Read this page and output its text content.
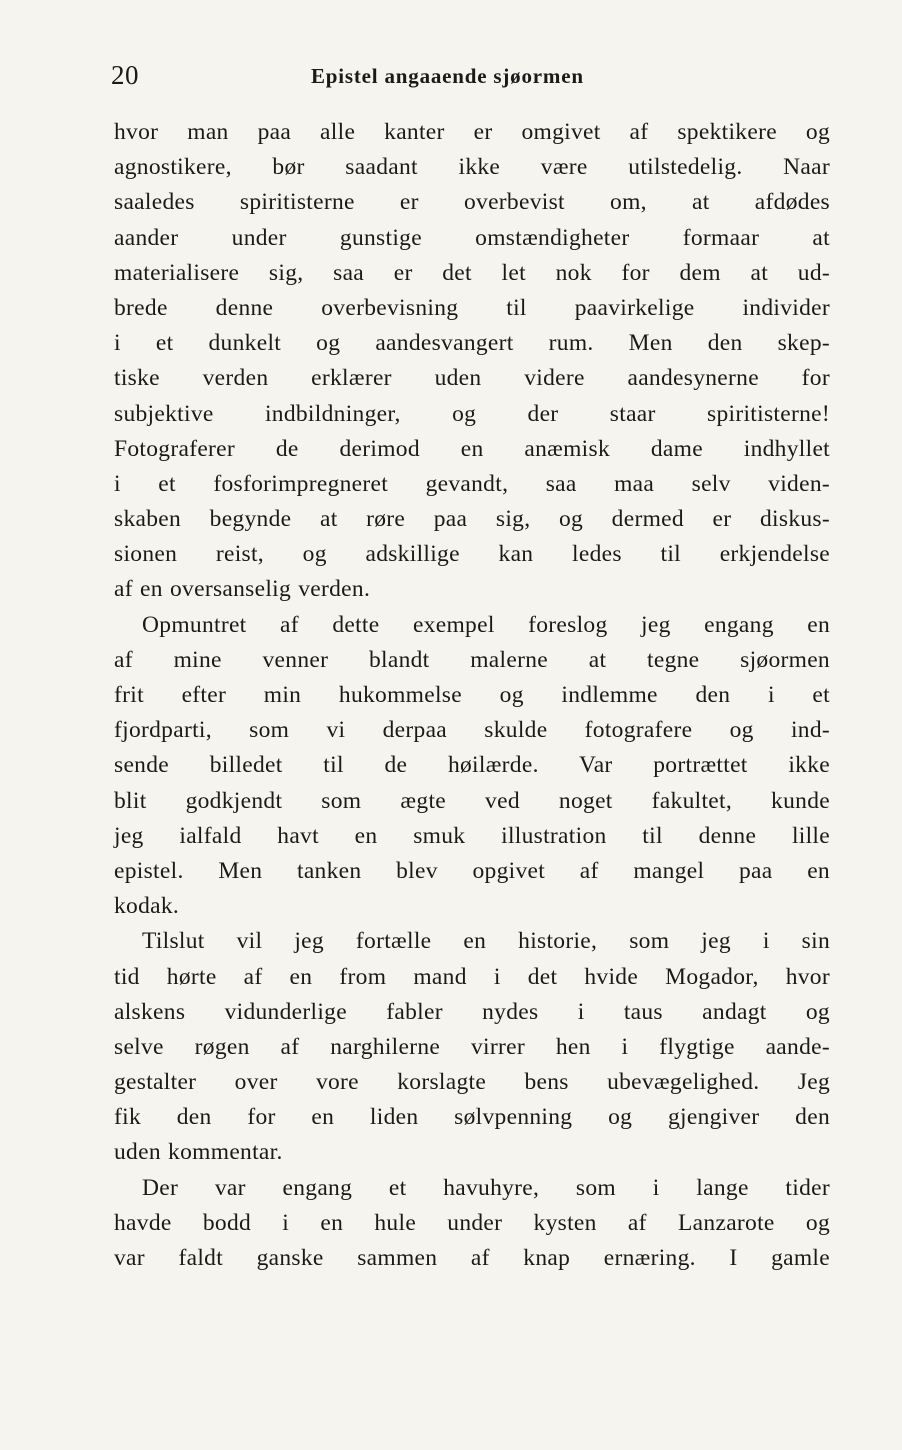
20	Epistel angaaende sjøormen
hvor man paa alle kanter er omgivet af spektikere og
agnostikere, bør saadant ikke være utilstedelig. Naar
saaledes spiritisterne er overbevist om, at afdødes
aander under gunstige omstændigheter formaar at
materialisere sig, saa er det let nok for dem at ud-
brede denne overbevisning til paavirkelige individer
i et dunkelt og aandesvangert rum. Men den skep-
tiske verden erklærer uden videre aandesynerne for
subjektive indbildninger, og der staar spiritisterne!
Fotograferer de derimod en anæmisk dame indhyllet
i et fosforimpregneret gevandt, saa maa selv viden-
skaben begynde at røre paa sig, og dermed er diskus-
sionen reist, og adskillige kan ledes til erkjendelse
af en oversanselig verden.
Opmuntret af dette exempel foreslog jeg engang en
af mine venner blandt malerne at tegne sjøormen
frit efter min hukommelse og indlemme den i et
fjordparti, som vi derpaa skulde fotografere og ind-
sende billedet til de høilærde. Var portrættet ikke
blit godkjendt som ægte ved noget fakultet, kunde
jeg ialfald havt en smuk illustration til denne lille
epistel. Men tanken blev opgivet af mangel paa en
kodak.
Tilslut vil jeg fortælle en historie, som jeg i sin
tid hørte af en from mand i det hvide Mogador, hvor
alskens vidunderlige fabler nydes i taus andagt og
selve røgen af narghilerne virrer hen i flygtige aande-
gestalter over vore korslagte bens ubevægelighed. Jeg
fik den for en liden sølvpenning og gjengiver den
uden kommentar.
Der var engang et havuhyre, som i lange tider
havde bodd i en hule under kysten af Lanzarote og
var faldt ganske sammen af knap ernæring. I gamle
